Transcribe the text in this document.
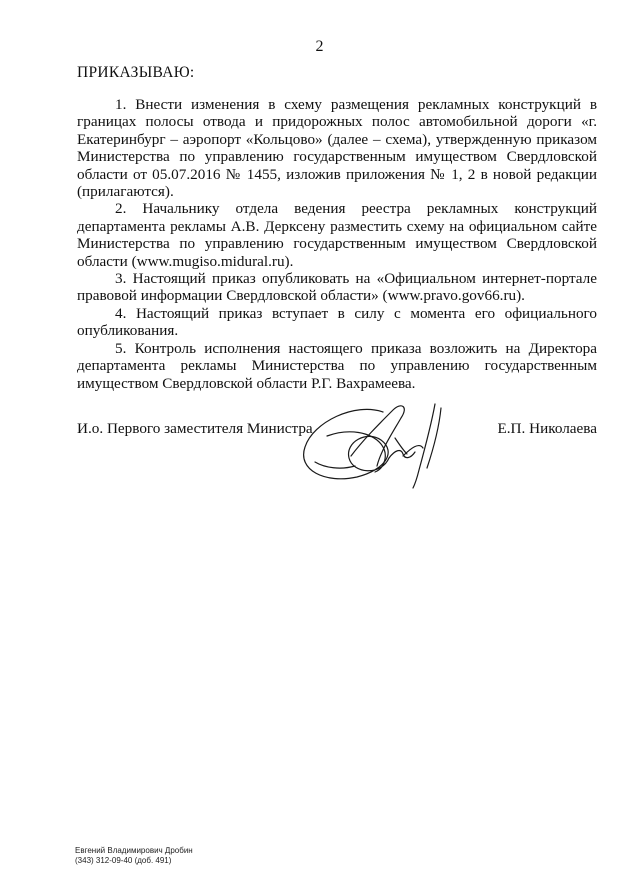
2
ПРИКАЗЫВАЮ:

1. Внести изменения в схему размещения рекламных конструкций в границах полосы отвода и придорожных полос автомобильной дороги «г. Екатеринбург – аэропорт «Кольцово» (далее – схема), утвержденную приказом Министерства по управлению государственным имуществом Свердловской области от 05.07.2016 № 1455, изложив приложения № 1, 2 в новой редакции (прилагаются).

2. Начальнику отдела ведения реестра рекламных конструкций департамента рекламы А.В. Дерксену разместить схему на официальном сайте Министерства по управлению государственным имуществом Свердловской области (www.mugiso.midural.ru).

3. Настоящий приказ опубликовать на «Официальном интернет-портале правовой информации Свердловской области» (www.pravo.gov66.ru).

4. Настоящий приказ вступает в силу с момента его официального опубликования.

5. Контроль исполнения настоящего приказа возложить на Директора департамента рекламы Министерства по управлению государственным имуществом Свердловской области Р.Г. Вахрамеева.

И.о. Первого заместителя Министра	Е.П. Николаева
Евгений Владимирович Дробин
(343) 312-09-40 (доб. 491)
